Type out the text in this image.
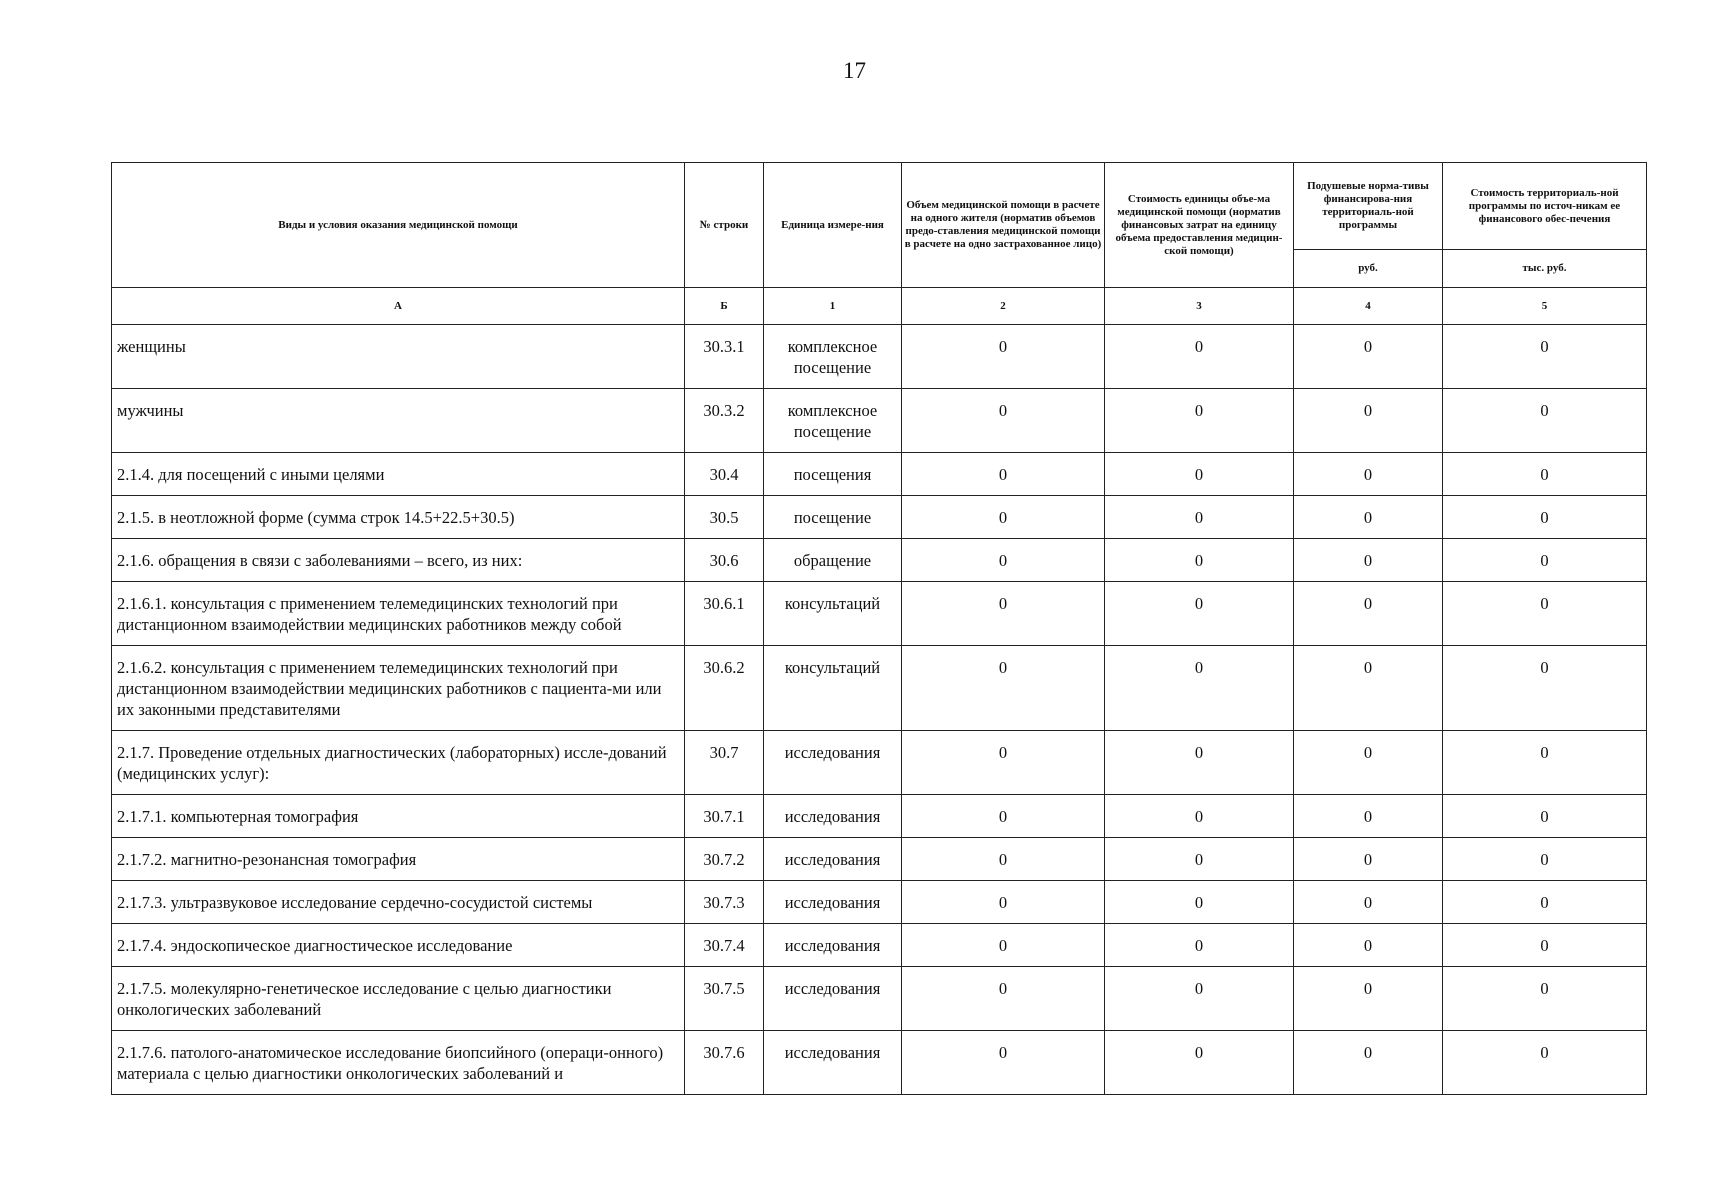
17
Виды и условия оказания медицинской помощи	№ строки	Единица измере-ния	Объем медицинской помощи в расчете на одного жителя (норматив объемов предо-ставления медицинской помощи в расчете на одно застрахованное лицо)	Стоимость единицы объе-ма медицинской помощи (норматив финансовых затрат на единицу объема предоставления медицин-ской помощи)	Подушевые норма-тивы финансирова-ния территориаль-ной программы	Стоимость территориаль-ной программы по источ-никам ее финансового обес-печения

					руб.	тыс. руб.
А	Б	1	2	3	4	5
женщины	30.3.1	комплексное посещение	0	0	0	0
мужчины	30.3.2	комплексное посещение	0	0	0	0
2.1.4. для посещений с иными целями	30.4	посещения	0	0	0	0
2.1.5. в неотложной форме (сумма строк 14.5+22.5+30.5)	30.5	посещение	0	0	0	0
2.1.6. обращения в связи с заболеваниями – всего, из них:	30.6	обращение	0	0	0	0
2.1.6.1. консультация с применением телемедицинских технологий при дистанционном взаимодействии медицинских работников между собой	30.6.1	консультаций	0	0	0	0
2.1.6.2. консультация с применением телемедицинских технологий при дистанционном взаимодействии медицинских работников с пациента-ми или их законными представителями	30.6.2	консультаций	0	0	0	0
2.1.7. Проведение отдельных диагностических (лабораторных) иссле-дований (медицинских услуг):	30.7	исследования	0	0	0	0
2.1.7.1. компьютерная томография	30.7.1	исследования	0	0	0	0
2.1.7.2. магнитно-резонансная томография	30.7.2	исследования	0	0	0	0
2.1.7.3. ультразвуковое исследование сердечно-сосудистой системы	30.7.3	исследования	0	0	0	0
2.1.7.4. эндоскопическое диагностическое исследование	30.7.4	исследования	0	0	0	0
2.1.7.5. молекулярно-генетическое исследование с целью диагностики онкологических заболеваний	30.7.5	исследования	0	0	0	0
2.1.7.6. патолого-анатомическое исследование биопсийного (операци-онного) материала с целью диагностики онкологических заболеваний и	30.7.6	исследования	0	0	0	0
